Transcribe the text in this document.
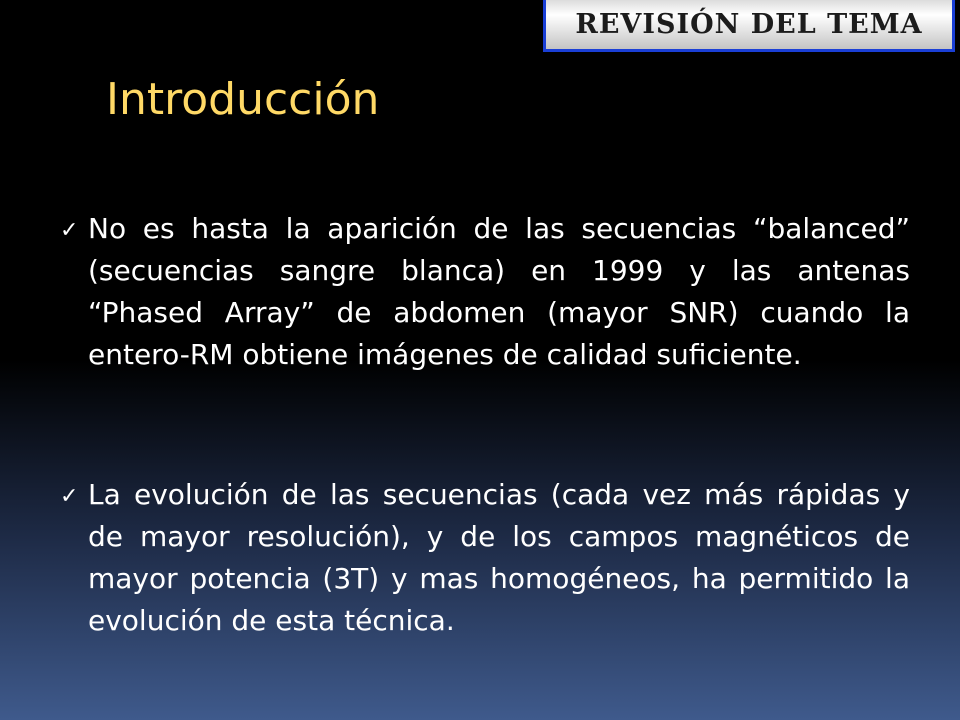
REVISIÓN DEL TEMA
Introducción
✓ No es hasta la aparición de las secuencias “balanced” (secuencias sangre blanca) en 1999 y las antenas “Phased Array” de abdomen (mayor SNR) cuando la entero-RM obtiene imágenes de calidad suficiente.
✓ La evolución de las secuencias (cada vez más rápidas y de mayor resolución), y de los campos magnéticos de mayor potencia (3T) y mas homogéneos, ha permitido la evolución de esta técnica.
